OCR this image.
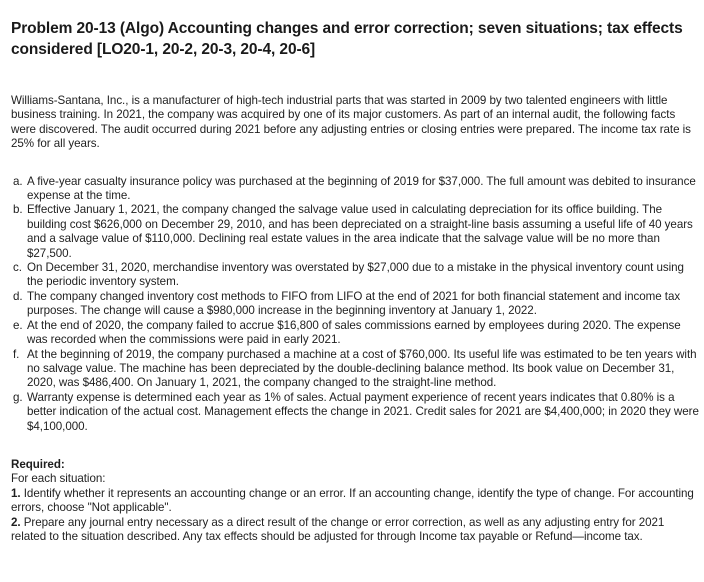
Problem 20-13 (Algo) Accounting changes and error correction; seven situations; tax effects considered [LO20-1, 20-2, 20-3, 20-4, 20-6]

Williams-Santana, Inc., is a manufacturer of high-tech industrial parts that was started in 2009 by two talented engineers with little business training. In 2021, the company was acquired by one of its major customers. As part of an internal audit, the following facts were discovered. The audit occurred during 2021 before any adjusting entries or closing entries were prepared. The income tax rate is 25% for all years.

a. A five-year casualty insurance policy was purchased at the beginning of 2019 for $37,000. The full amount was debited to insurance expense at the time.
b. Effective January 1, 2021, the company changed the salvage value used in calculating depreciation for its office building. The building cost $626,000 on December 29, 2010, and has been depreciated on a straight-line basis assuming a useful life of 40 years and a salvage value of $110,000. Declining real estate values in the area indicate that the salvage value will be no more than $27,500.
c. On December 31, 2020, merchandise inventory was overstated by $27,000 due to a mistake in the physical inventory count using the periodic inventory system.
d. The company changed inventory cost methods to FIFO from LIFO at the end of 2021 for both financial statement and income tax purposes. The change will cause a $980,000 increase in the beginning inventory at January 1, 2022.
e. At the end of 2020, the company failed to accrue $16,800 of sales commissions earned by employees during 2020. The expense was recorded when the commissions were paid in early 2021.
f. At the beginning of 2019, the company purchased a machine at a cost of $760,000. Its useful life was estimated to be ten years with no salvage value. The machine has been depreciated by the double-declining balance method. Its book value on December 31, 2020, was $486,400. On January 1, 2021, the company changed to the straight-line method.
g. Warranty expense is determined each year as 1% of sales. Actual payment experience of recent years indicates that 0.80% is a better indication of the actual cost. Management effects the change in 2021. Credit sales for 2021 are $4,400,000; in 2020 they were $4,100,000.
Required:
For each situation:
1. Identify whether it represents an accounting change or an error. If an accounting change, identify the type of change. For accounting errors, choose "Not applicable".
2. Prepare any journal entry necessary as a direct result of the change or error correction, as well as any adjusting entry for 2021 related to the situation described. Any tax effects should be adjusted for through Income tax payable or Refund—income tax.
